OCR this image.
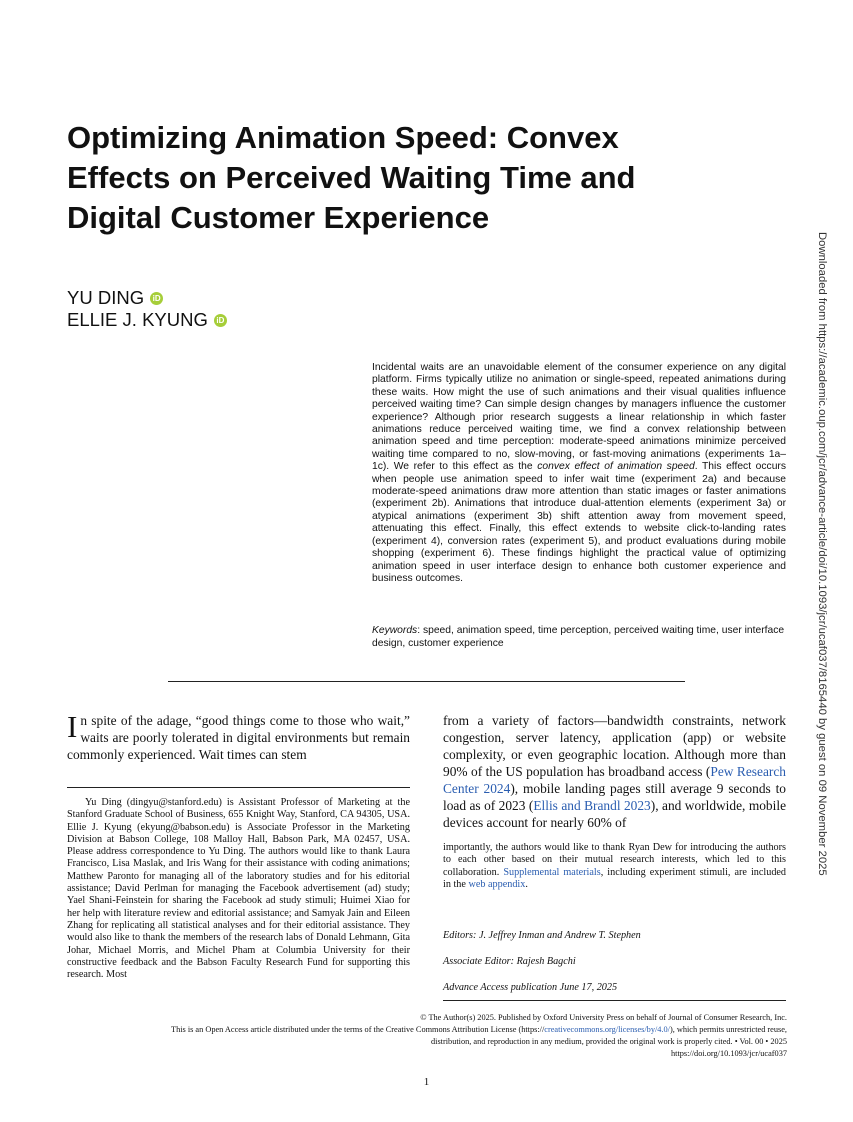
Optimizing Animation Speed: Convex
Effects on Perceived Waiting Time and
Digital Customer Experience
YU DING	iD
ELLIE J. KYUNG	iD

Incidental waits are an unavoidable element of the consumer experience on any digital platform. Firms typically utilize no animation or single-speed, repeated animations during these waits. How might the use of such animations and their visual qualities influence perceived waiting time? Can simple design changes by managers influence the customer experience? Although prior research suggests a linear relationship in which faster animations reduce perceived waiting time, we find a convex relationship between animation speed and time perception: moderate-speed animations minimize perceived waiting time compared to no, slow-moving, or fast-moving animations (experiments 1a–1c). We refer to this effect as the convex effect of animation speed. This effect occurs when people use animation speed to infer wait time (experiment 2a) and because moderate-speed animations draw more attention than static images or faster animations (experiment 2b). Animations that introduce dual-attention elements (experiment 3a) or atypical animations (experiment 3b) shift attention away from movement speed, attenuating this effect. Finally, this effect extends to website click-to-landing rates (experiment 4), conversion rates (experiment 5), and product evaluations during mobile shopping (experiment 6). These findings highlight the practical value of optimizing animation speed in user interface design to enhance both customer experience and business outcomes.

Keywords: speed, animation speed, time perception, perceived waiting time, user interface design, customer experience

In spite of the adage, “good things come to those who wait,” waits are poorly tolerated in digital environments but remain commonly experienced. Wait times can stem

Yu Ding (dingyu@stanford.edu) is Assistant Professor of Marketing at the Stanford Graduate School of Business, 655 Knight Way, Stanford, CA 94305, USA. Ellie J. Kyung (ekyung@babson.edu) is Associate Professor in the Marketing Division at Babson College, 108 Malloy Hall, Babson Park, MA 02457, USA. Please address correspondence to Yu Ding. The authors would like to thank Laura Francisco, Lisa Maslak, and Iris Wang for their assistance with coding animations; Matthew Paronto for managing all of the laboratory studies and for his editorial assistance; David Perlman for managing the Facebook advertisement (ad) study; Yael Shani-Feinstein for sharing the Facebook ad study stimuli; Huimei Xiao for her help with literature review and editorial assistance; and Samyak Jain and Eileen Zhang for replicating all statistical analyses and for their editorial assistance. They would also like to thank the members of the research labs of Donald Lehmann, Gita Johar, Michael Morris, and Michel Pham at Columbia University for their constructive feedback and the Babson Faculty Research Fund for supporting this research. Most

from a variety of factors—bandwidth constraints, network congestion, server latency, application (app) or website complexity, or even geographic location. Although more than 90% of the US population has broadband access (Pew Research Center 2024), mobile landing pages still average 9 seconds to load as of 2023 (Ellis and Brandl 2023), and worldwide, mobile devices account for nearly 60% of

importantly, the authors would like to thank Ryan Dew for introducing the authors to each other based on their mutual research interests, which led to this collaboration. Supplemental materials, including experiment stimuli, are included in the web appendix.

Editors: J. Jeffrey Inman and Andrew T. Stephen
Associate Editor: Rajesh Bagchi
Advance Access publication June 17, 2025

© The Author(s) 2025. Published by Oxford University Press on behalf of Journal of Consumer Research, Inc.

This is an Open Access article distributed under the terms of the Creative Commons Attribution License (https://creativecommons.org/licenses/by/4.0/), which permits unrestricted reuse,

distribution, and reproduction in any medium, provided the original work is properly cited. • Vol. 00 • 2025

https://doi.org/10.1093/jcr/ucaf037

1
Downloaded from https://academic.oup.com/jcr/advance-article/doi/10.1093/jcr/ucaf037/8165440 by guest on 09 November 2025
